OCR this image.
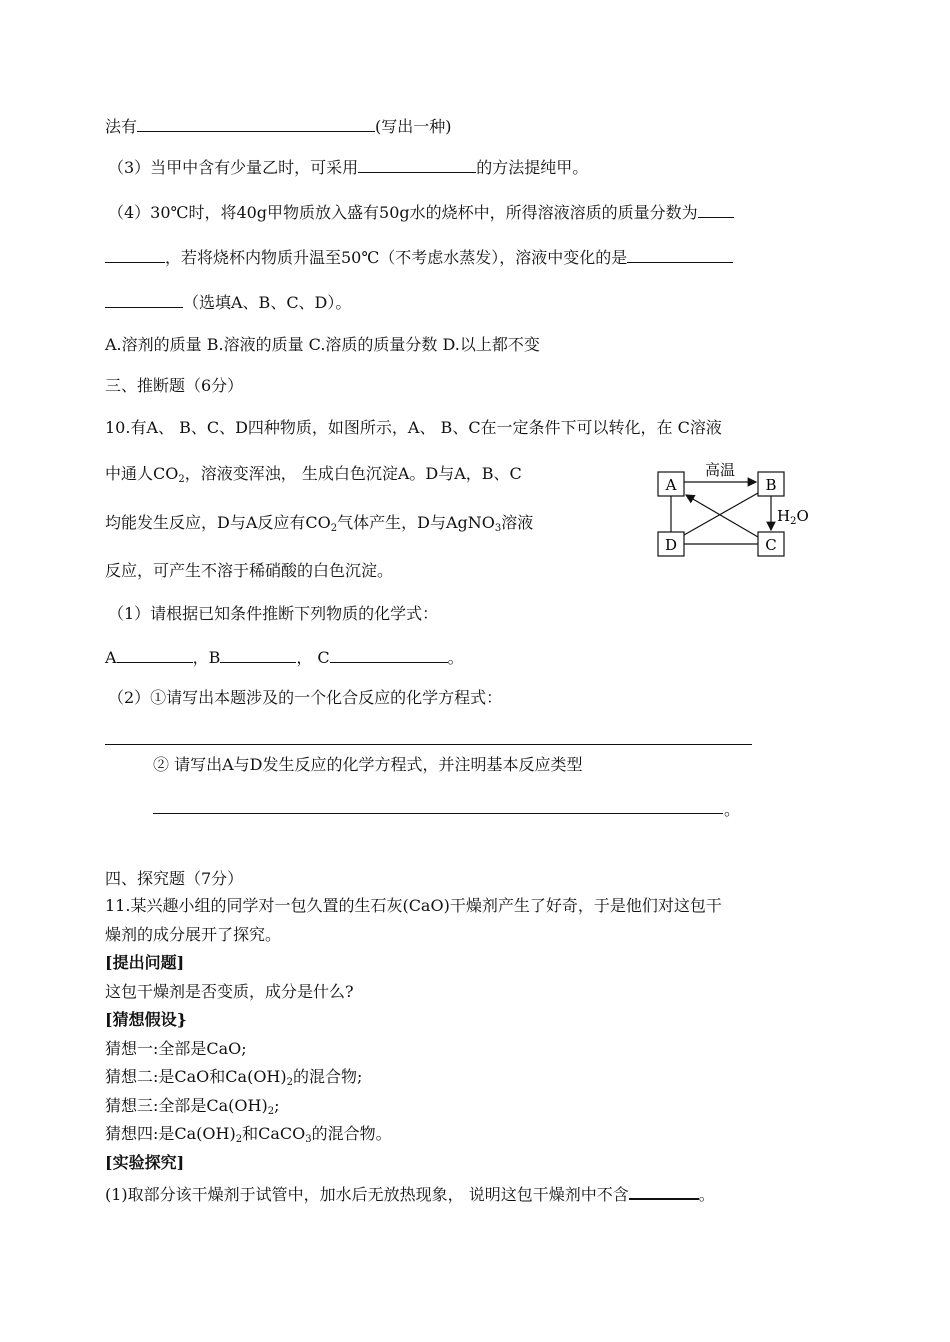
法有	(写出一种)
（3）当甲中含有少量乙时，可采用	的方法提纯甲。
（4）30℃时，将40g甲物质放入盛有50g水的烧杯中，所得溶液溶质的质量分数为
，若将烧杯内物质升温至50℃（不考虑水蒸发），溶液中变化的是
（选填A、B、C、D）。
A.溶剂的质量 B.溶液的质量 C.溶质的质量分数 D.以上都不变
三、推断题（6分）
10.有A、 B、C、D四种物质，如图所示，A、 B、C在一定条件下可以转化，在 C溶液
中通人$CO_2$，溶液变浑浊， 生成白色沉淀A。D与A，B、C
均能发生反应，D与A反应有$CO_2$气体产生，D与AgNO$_3$溶液
反应，可产生不溶于稀硝酸的白色沉淀。
A	B
D	C
高温
$H_2O$
（1）请根据已知条件推断下列物质的化学式：
A	，B	， C	。
（2）①请写出本题涉及的一个化合反应的化学方程式：
② 请写出A与D发生反应的化学方程式，并注明基本反应类型
。
四、探究题（7分）
11.某兴趣小组的同学对一包久置的生石灰(CaO)干燥剂产生了好奇，于是他们对这包干
燥剂的成分展开了探究。
[提出问题]
这包干燥剂是否变质，成分是什么?
[猜想假设}
猜想一:全部是CaO;
猜想二:是CaO和$Ca(OH)_2$的混合物;
猜想三:全部是$Ca(OH)_2$;
猜想四:是$Ca(OH)_2$和CaCO$_3$的混合物。
[实验探究]
(1)取部分该干燥剂于试管中，加水后无放热现象， 说明这包干燥剂中不含	。
